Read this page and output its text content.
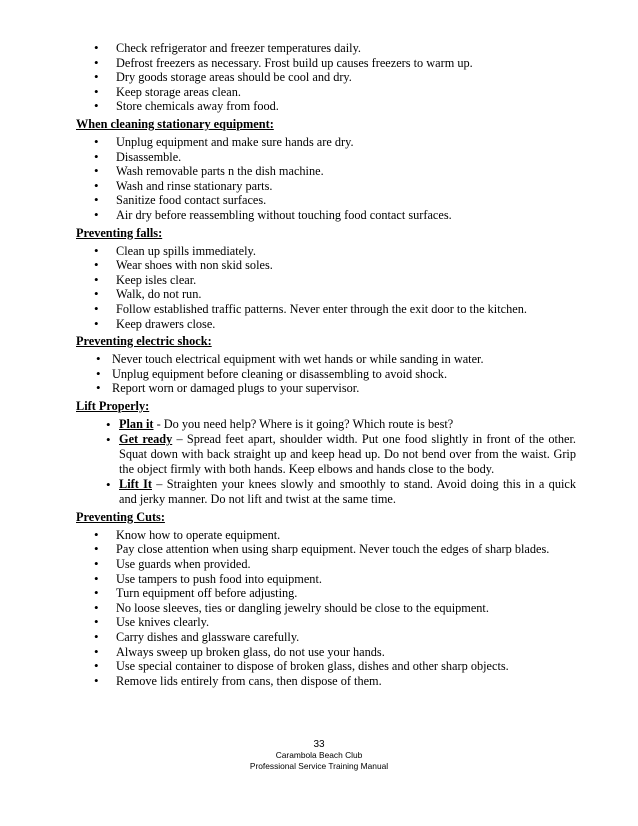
• Check refrigerator and freezer temperatures daily.
• Defrost freezers as necessary. Frost build up causes freezers to warm up.
• Dry goods storage areas should be cool and dry.
• Keep storage areas clean.
• Store chemicals away from food.
When cleaning stationary equipment:
• Unplug equipment and make sure hands are dry.
• Disassemble.
• Wash removable parts n the dish machine.
• Wash and rinse stationary parts.
• Sanitize food contact surfaces.
• Air dry before reassembling without touching food contact surfaces.
Preventing falls:
• Clean up spills immediately.
• Wear shoes with non skid soles.
• Keep isles clear.
• Walk, do not run.
• Follow established traffic patterns. Never enter through the exit door to the kitchen.
• Keep drawers close.
Preventing electric shock:
• Never touch electrical equipment with wet hands or while sanding in water.
• Unplug equipment before cleaning or disassembling to avoid shock.
• Report worn or damaged plugs to your supervisor.
Lift Properly:
• Plan it - Do you need help? Where is it going? Which route is best?
• Get ready – Spread feet apart, shoulder width. Put one food slightly in front of the other. Squat down with back straight up and keep head up. Do not bend over from the waist. Grip the object firmly with both hands. Keep elbows and hands close to the body.
• Lift It – Straighten your knees slowly and smoothly to stand. Avoid doing this in a quick and jerky manner. Do not lift and twist at the same time.
Preventing Cuts:
• Know how to operate equipment.
• Pay close attention when using sharp equipment. Never touch the edges of sharp blades.
• Use guards when provided.
• Use tampers to push food into equipment.
• Turn equipment off before adjusting.
• No loose sleeves, ties or dangling jewelry should be close to the equipment.
• Use knives clearly.
• Carry dishes and glassware carefully.
• Always sweep up broken glass, do not use your hands.
• Use special container to dispose of broken glass, dishes and other sharp objects.
• Remove lids entirely from cans, then dispose of them.
33
Carambola Beach Club
Professional Service Training Manual
